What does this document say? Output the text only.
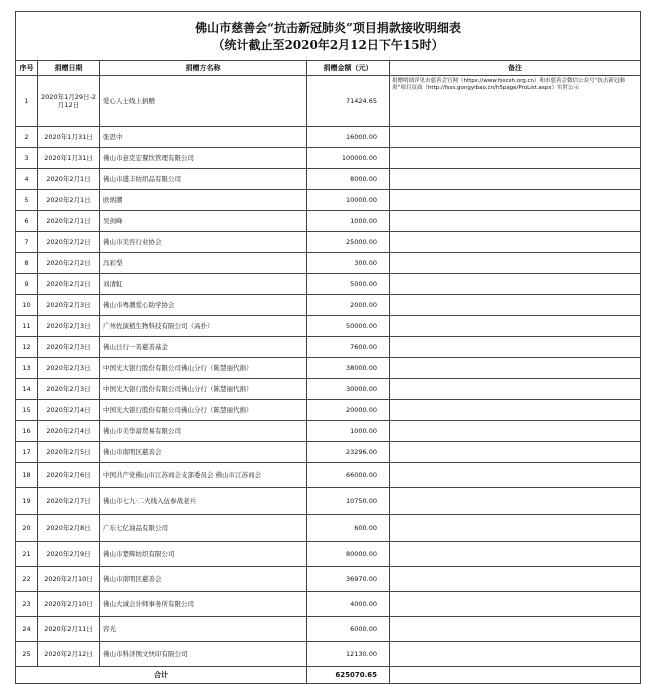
佛山市慈善会“抗击新冠肺炎”项目捐款接收明细表
（统计截止至2020年2月12日下午15时）				

序号	捐赠日期	捐赠方名称	捐赠金额（元）	备注
1	2020年1月29日-2月12日	爱心人士线上捐赠	71424.65	捐赠明细详见市慈善会官网（https://www.fsscsh.org.cn）和市慈善会微信公众号“抗击新冠肺炎”项目页面（http://fsss.gongyibao.cn/h5page/ProList.aspx）实时公示
2	2020年1月31日	张思中	16000.00	
3	2020年1月31日	佛山市意克宏餐饮管理有限公司	100000.00	
4	2020年2月1日	佛山市盛丰纺织品有限公司	8000.00	
5	2020年2月1日	欧炳潮	10000.00	
6	2020年2月1日	吴剑峰	1000.00	
7	2020年2月2日	佛山市美容行业协会	25000.00	
8	2020年2月2日	冯彩梨	300.00	
9	2020年2月2日	刘清虹	5000.00	
10	2020年2月3日	佛山市粤潮爱心助学协会	2000.00	
11	2020年2月3日	广州佐演植生物科技有限公司（高扑）	50000.00	
12	2020年2月3日	佛山日行一善慈善基金	7600.00	
13	2020年2月3日	中国光大银行股份有限公司佛山分行（陈慧丽代捐）	38000.00	
14	2020年2月3日	中国光大银行股份有限公司佛山分行（陈慧丽代捐）	30000.00	
15	2020年2月4日	中国光大银行股份有限公司佛山分行（陈慧丽代捐）	20000.00	
16	2020年2月4日	佛山市美华富贸易有限公司	1000.00	
17	2020年2月5日	佛山市南明区慈善会	23296.00	
18	2020年2月6日	中国共产党佛山市江苏商会支部委员会 佛山市江苏商会	66000.00	
19	2020年2月7日	佛山市七九·二火线入伍参战老兵	10750.00	
20	2020年2月8日	广东七亿油品有限公司	600.00	
21	2020年2月9日	佛山市楚辉纺织有限公司	80000.00	
22	2020年2月10日	佛山市南明区慈善会	36970.00	
23	2020年2月10日	佛山大诚会计师事务所有限公司	4000.00	
24	2020年2月11日	容光	6000.00	
25	2020年2月12日	佛山市科济图文快印有限公司	12130.00	
合计			625070.65	
